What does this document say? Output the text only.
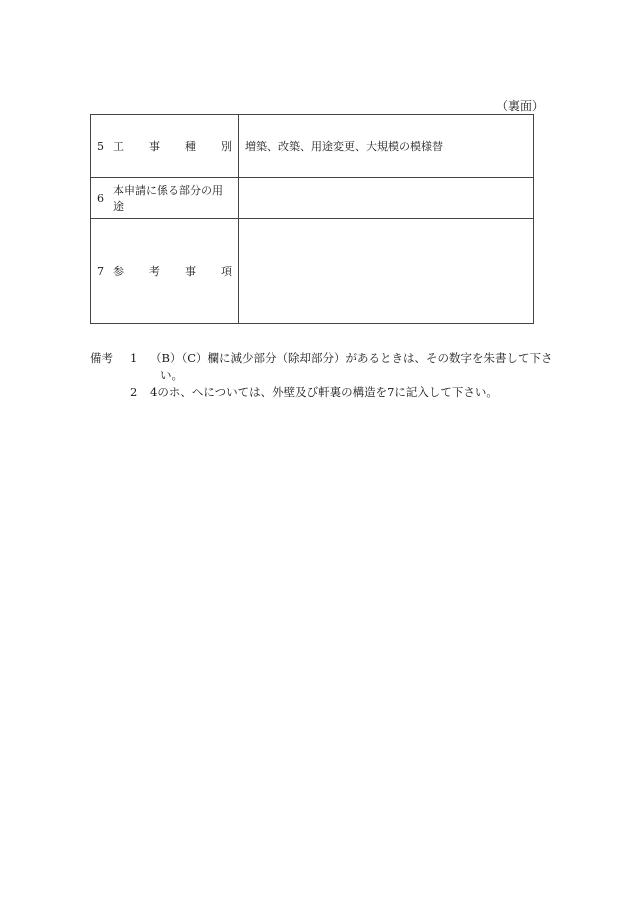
（裏面）
5 工 事 種 別	増築、改築、用途変更、大規模の模様替

6
本申請に係る部分の用途	

7 参 考 事 項	

備考	1	（B）（C）欄に減少部分（除却部分）があるときは、その数字を朱書して下さい。
2	4のホ、へについては、外壁及び軒裏の構造を7に記入して下さい。
